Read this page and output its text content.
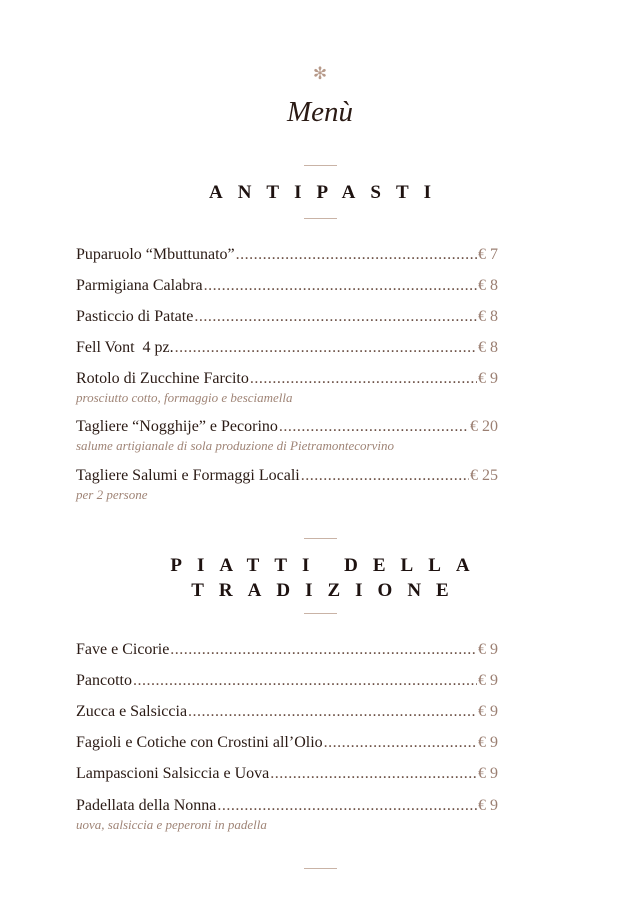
✻
Menù
ANTIPASTI
Puparuolo “Mbuttunato” .....	€ 7
Parmigiana Calabra .....	€ 8
Pasticcio di Patate .....	€ 8
Fell Vont  4 pz. .....	€ 8
Rotolo di Zucchine Farcito .....	€ 9
prosciutto cotto, formaggio e besciamella
Tagliere “Nogghije” e Pecorino .....	€ 20
salume artigianale di sola produzione di Pietramontecorvino
Tagliere Salumi e Formaggi Locali .....	€ 25
per 2 persone
PIATTI DELLA
TRADIZIONE
Fave e Cicorie .....	€ 9
Pancotto .....	€ 9
Zucca e Salsiccia .....	€ 9
Fagioli e Cotiche con Crostini all’Olio .....	€ 9
Lampascioni Salsiccia e Uova .....	€ 9
Padellata della Nonna .....	€ 9
uova, salsiccia e peperoni in padella
